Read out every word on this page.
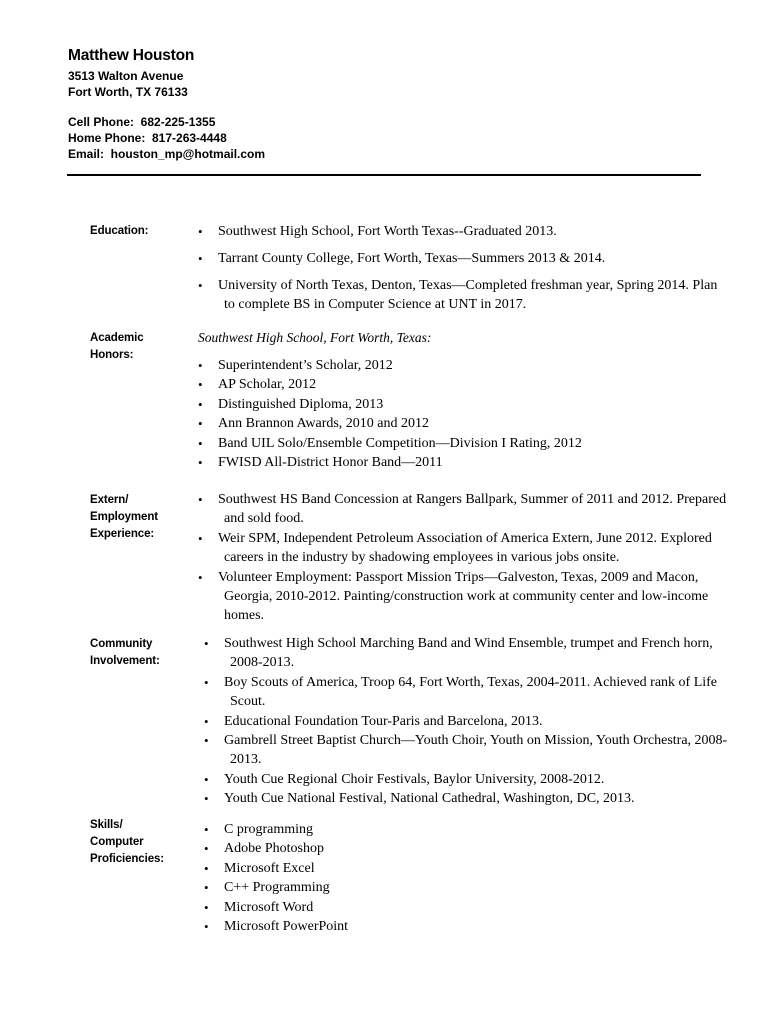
Matthew Houston
3513 Walton Avenue
Fort Worth, TX 76133
Cell Phone:  682-225-1355
Home Phone:  817-263-4448
Email:  houston_mp@hotmail.com
Education:	• Southwest High School, Fort Worth Texas--Graduated 2013.
• Tarrant County College, Fort Worth, Texas—Summers 2013 & 2014.
• University of North Texas, Denton, Texas—Completed freshman year, Spring 2014. Plan
to complete BS in Computer Science at UNT in 2017.
Academic
Honors:
Southwest High School, Fort Worth, Texas:
• Superintendent’s Scholar, 2012
• AP Scholar, 2012
• Distinguished Diploma, 2013
• Ann Brannon Awards, 2010 and 2012
• Band UIL Solo/Ensemble Competition—Division I Rating, 2012
• FWISD All-District Honor Band—2011
Extern/
Employment
Experience:
• Southwest HS Band Concession at Rangers Ballpark, Summer of 2011 and 2012. Prepared
and sold food.
• Weir SPM, Independent Petroleum Association of America Extern, June 2012. Explored
careers in the industry by shadowing employees in various jobs onsite.
• Volunteer Employment: Passport Mission Trips—Galveston, Texas, 2009 and Macon,
Georgia, 2010-2012. Painting/construction work at community center and low-income
homes.
Community
Involvement:
• Southwest High School Marching Band and Wind Ensemble, trumpet and French horn,
2008-2013.
• Boy Scouts of America, Troop 64, Fort Worth, Texas, 2004-2011. Achieved rank of Life
Scout.
• Educational Foundation Tour-Paris and Barcelona, 2013.
• Gambrell Street Baptist Church—Youth Choir, Youth on Mission, Youth Orchestra, 2008-
2013.
• Youth Cue Regional Choir Festivals, Baylor University, 2008-2012.
• Youth Cue National Festival, National Cathedral, Washington, DC, 2013.
Skills/
Computer
Proficiencies:
• C programming
• Adobe Photoshop
• Microsoft Excel
• C++ Programming
• Microsoft Word
• Microsoft PowerPoint
